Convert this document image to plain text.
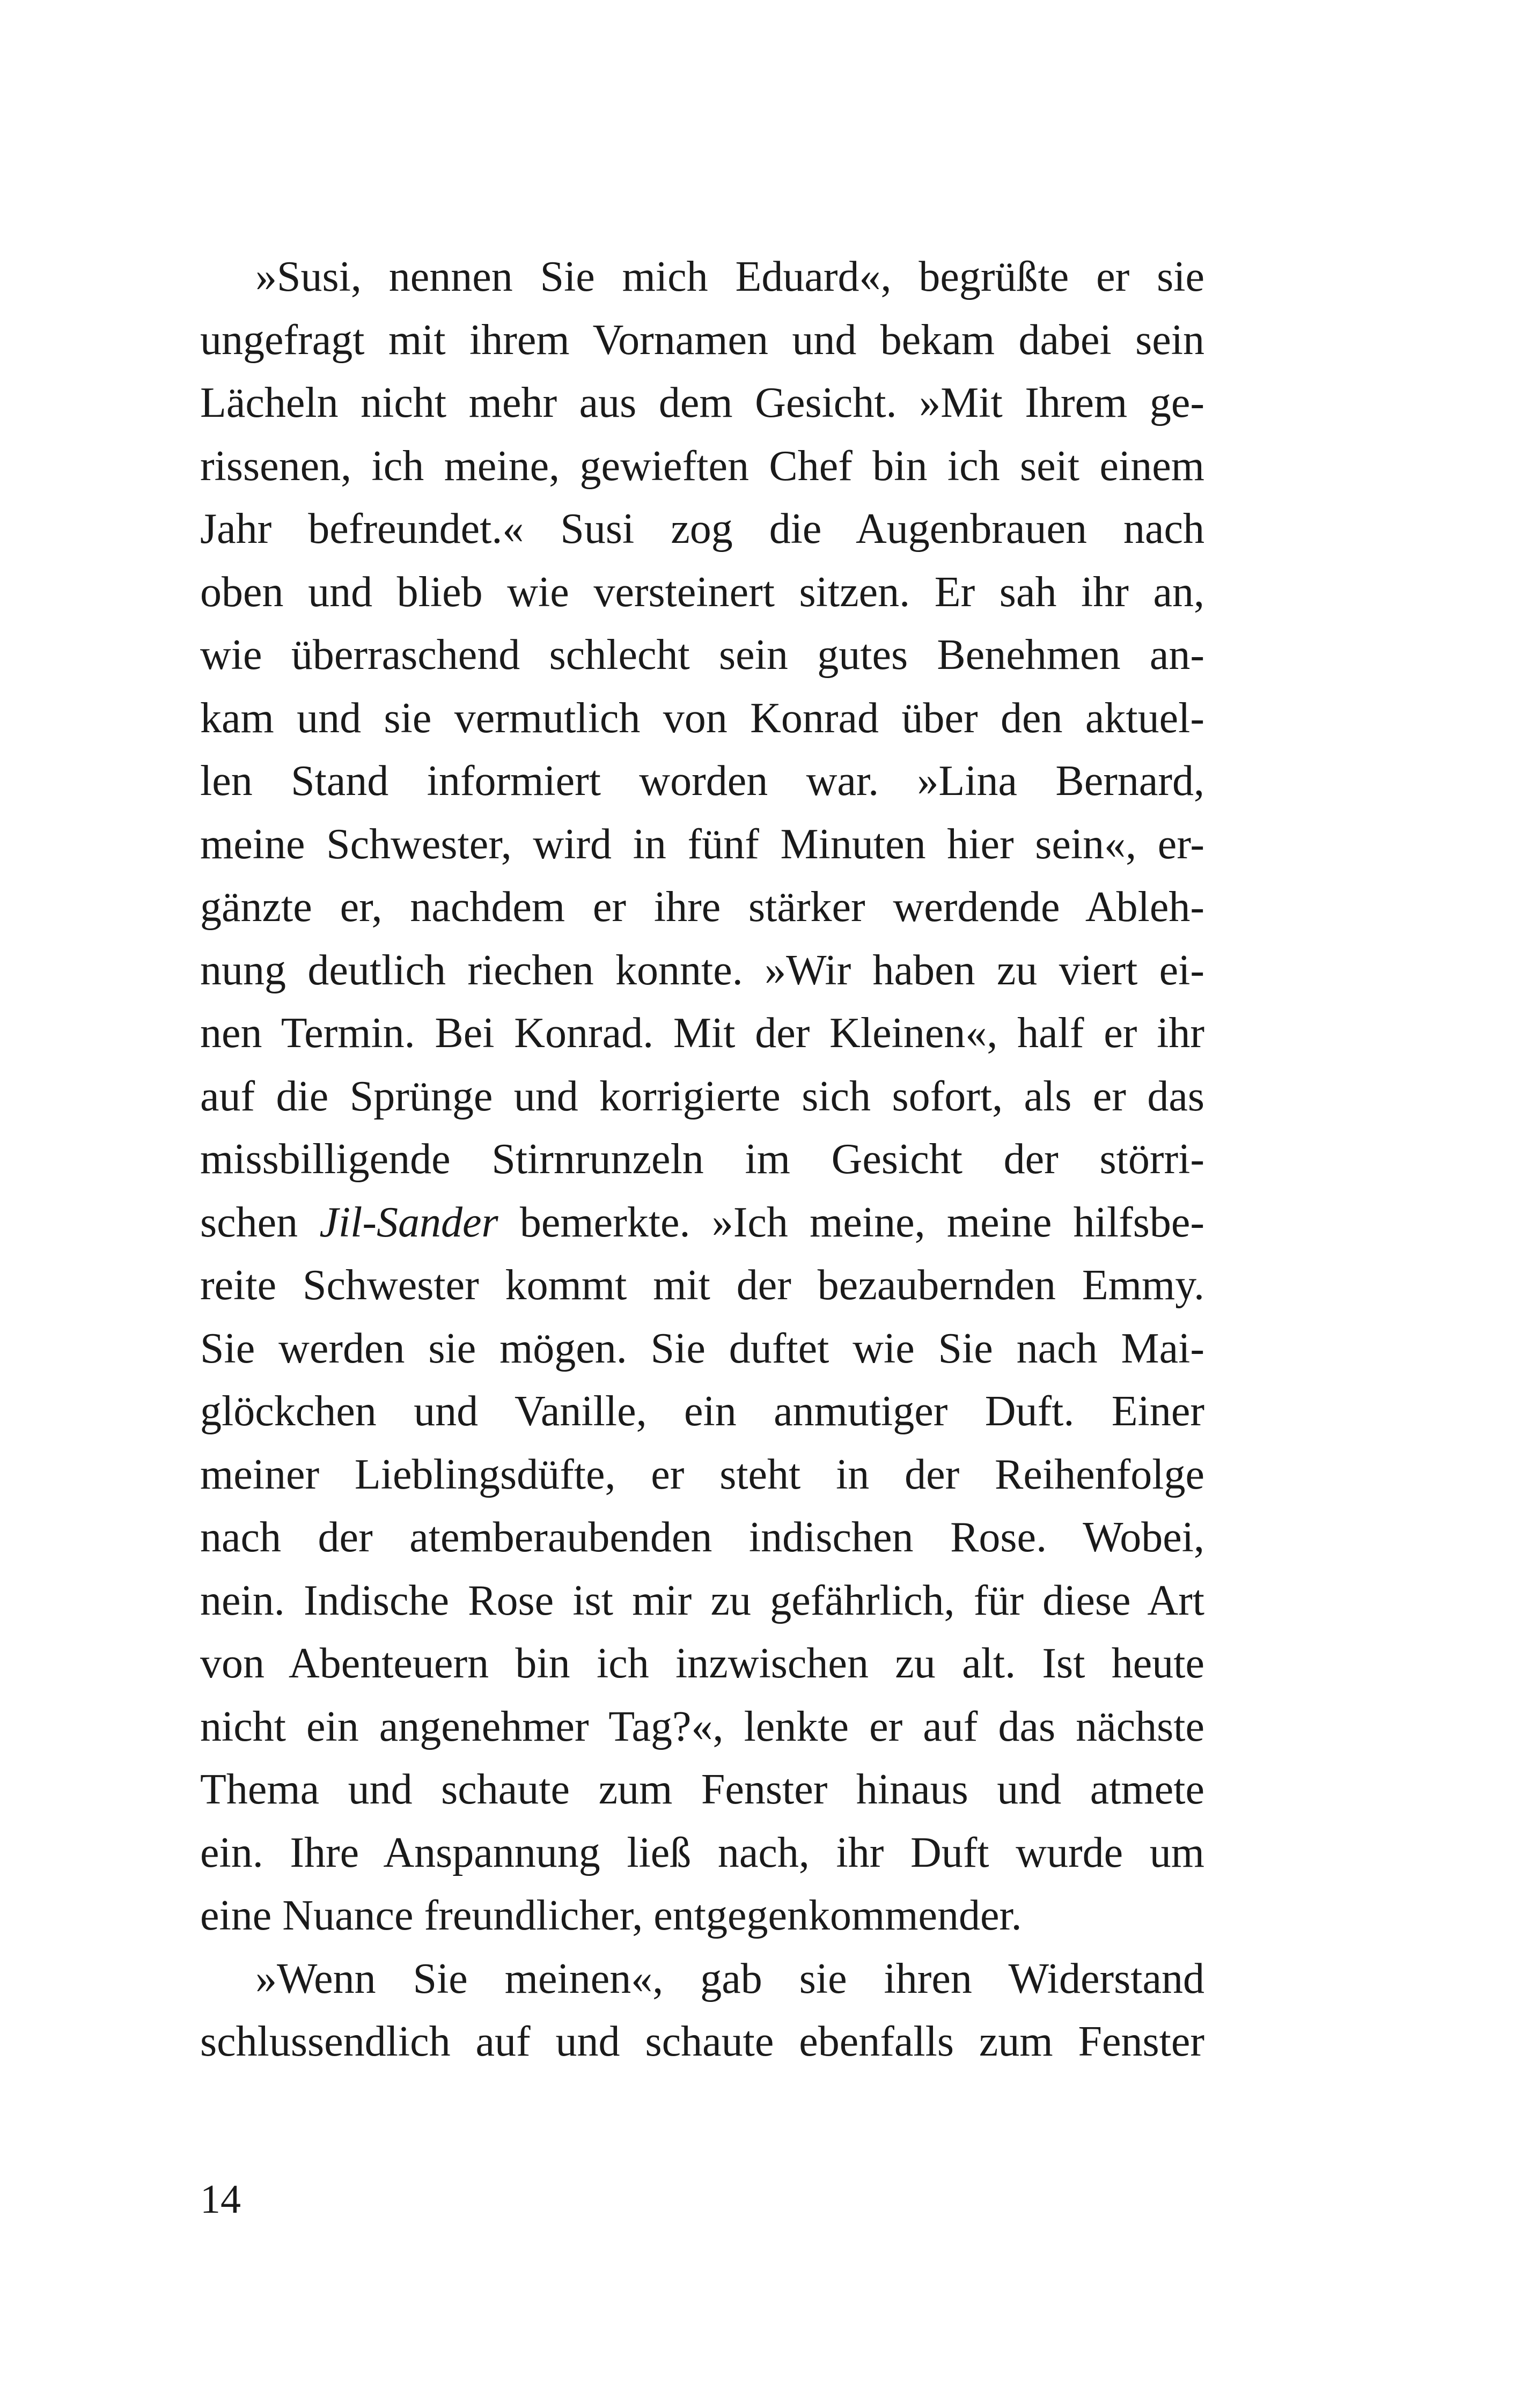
»Susi, nennen Sie mich Eduard«, begrüßte er sie
ungefragt mit ihrem Vornamen und bekam dabei sein
Lächeln nicht mehr aus dem Gesicht. »Mit Ihrem ge-
rissenen, ich meine, gewieften Chef bin ich seit einem
Jahr befreundet.« Susi zog die Augenbrauen nach
oben und blieb wie versteinert sitzen. Er sah ihr an,
wie überraschend schlecht sein gutes Benehmen an-
kam und sie vermutlich von Konrad über den aktuel-
len Stand informiert worden war. »Lina Bernard,
meine Schwester, wird in fünf Minuten hier sein«, er-
gänzte er, nachdem er ihre stärker werdende Ableh-
nung deutlich riechen konnte. »Wir haben zu viert ei-
nen Termin. Bei Konrad. Mit der Kleinen«, half er ihr
auf die Sprünge und korrigierte sich sofort, als er das
missbilligende Stirnrunzeln im Gesicht der störri-
schen Jil-Sander bemerkte. »Ich meine, meine hilfsbe-
reite Schwester kommt mit der bezaubernden Emmy.
Sie werden sie mögen. Sie duftet wie Sie nach Mai-
glöckchen und Vanille, ein anmutiger Duft. Einer
meiner Lieblingsdüfte, er steht in der Reihenfolge
nach der atemberaubenden indischen Rose. Wobei,
nein. Indische Rose ist mir zu gefährlich, für diese Art
von Abenteuern bin ich inzwischen zu alt. Ist heute
nicht ein angenehmer Tag?«, lenkte er auf das nächste
Thema und schaute zum Fenster hinaus und atmete
ein. Ihre Anspannung ließ nach, ihr Duft wurde um
eine Nuance freundlicher, entgegenkommender.
»Wenn Sie meinen«, gab sie ihren Widerstand
schlussendlich auf und schaute ebenfalls zum Fenster
14
